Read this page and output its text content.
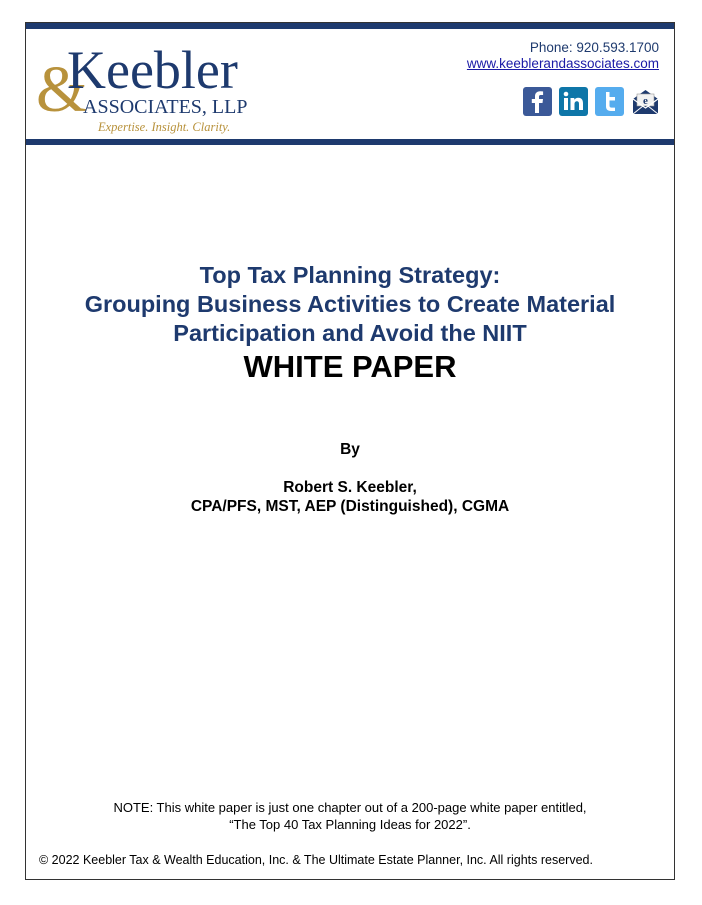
&
Keebler
ASSOCIATES, LLP
Expertise. Insight. Clarity.
Phone: 920.593.1700
www.keeblerandassociates.com
e
Top Tax Planning Strategy:
Grouping Business Activities to Create Material
Participation and Avoid the NIIT
WHITE PAPER
By
Robert S. Keebler,
CPA/PFS, MST, AEP (Distinguished), CGMA
NOTE: This white paper is just one chapter out of a 200-page white paper entitled,
“The Top 40 Tax Planning Ideas for 2022”.
© 2022 Keebler Tax & Wealth Education, Inc. & The Ultimate Estate Planner, Inc. All rights reserved.
